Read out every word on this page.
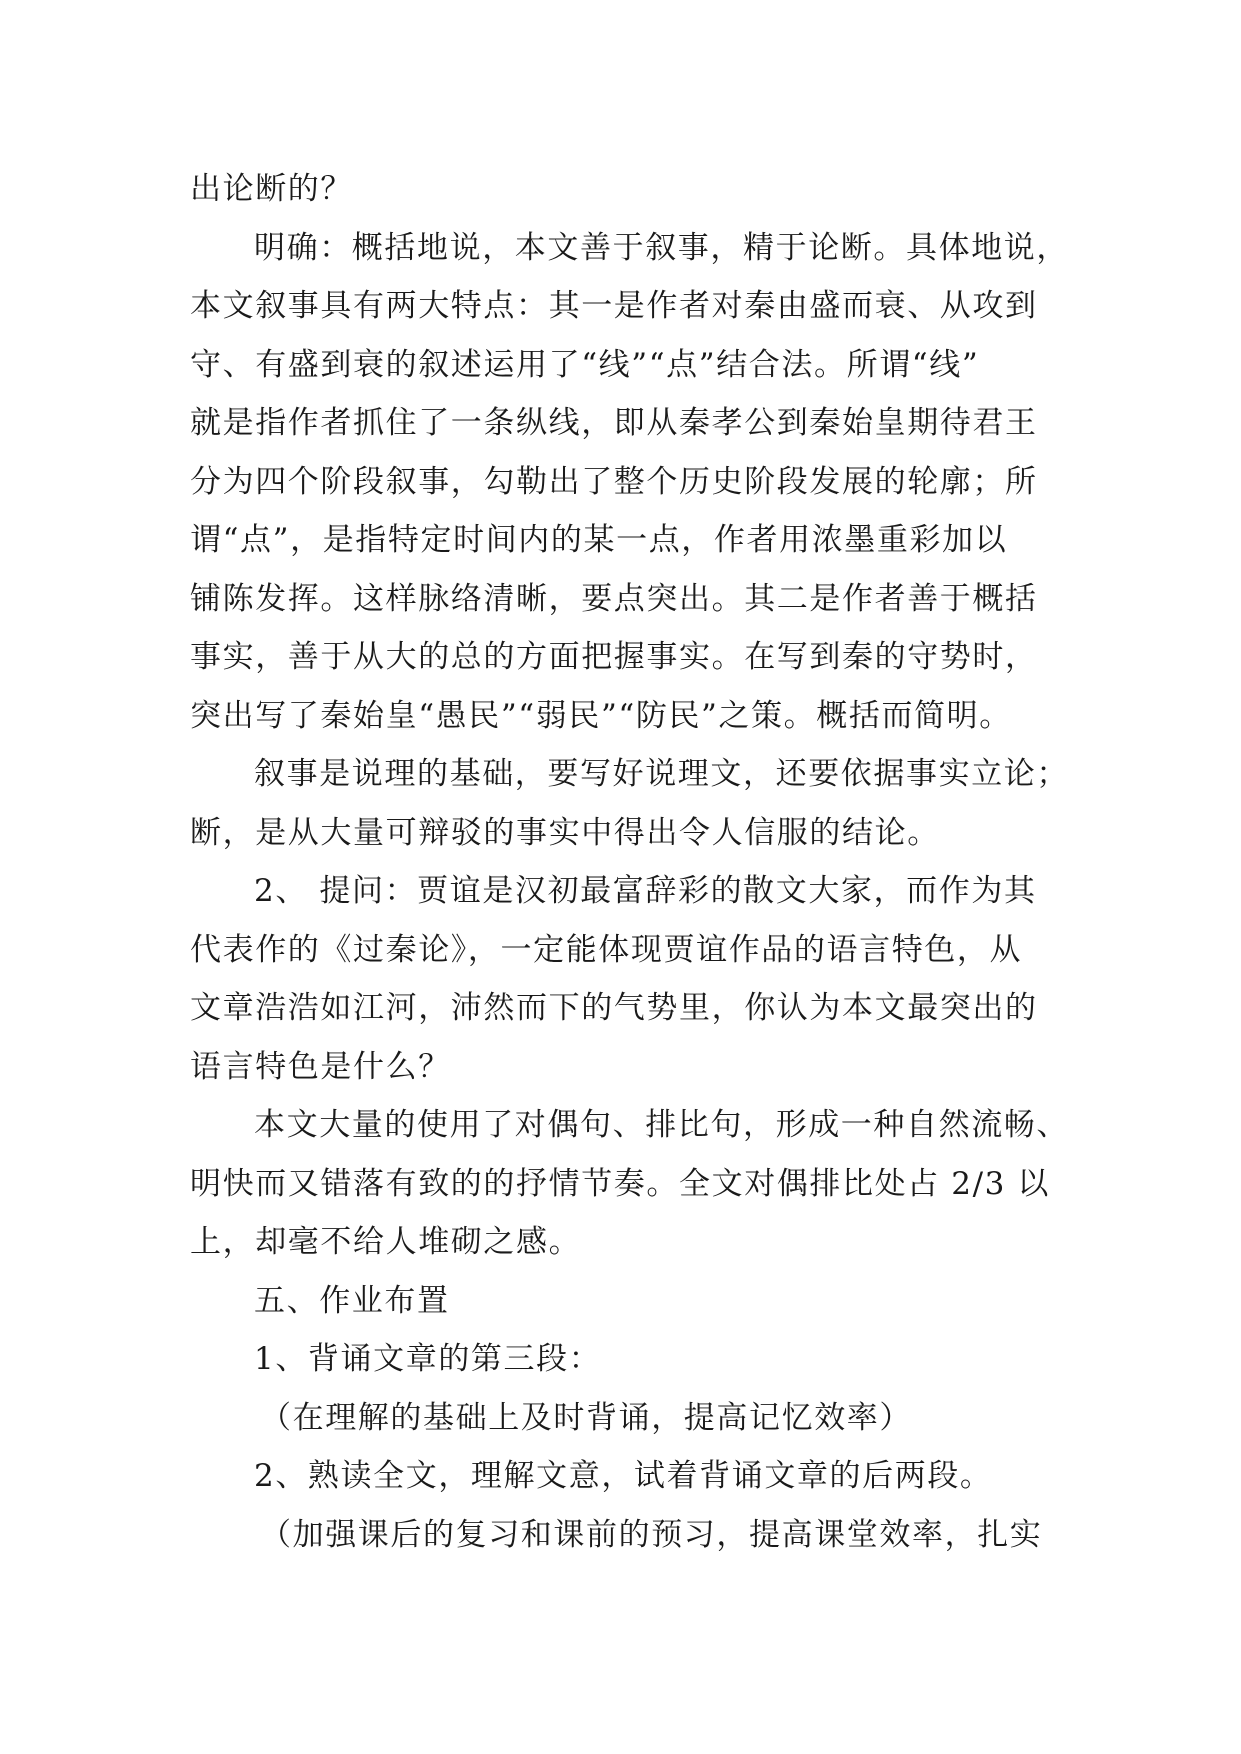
出论断的？
明确：概括地说，本文善于叙事，精于论断。具体地说，
本文叙事具有两大特点：其一是作者对秦由盛而衰、从攻到
守、有盛到衰的叙述运用了“线”“点”结合法。所谓“线”
就是指作者抓住了一条纵线，即从秦孝公到秦始皇期待君王
分为四个阶段叙事，勾勒出了整个历史阶段发展的轮廓；所
谓“点”，是指特定时间内的某一点，作者用浓墨重彩加以
铺陈发挥。这样脉络清晰，要点突出。其二是作者善于概括
事实，善于从大的总的方面把握事实。在写到秦的守势时，
突出写了秦始皇“愚民”“弱民”“防民”之策。概括而简明。
叙事是说理的基础，要写好说理文，还要依据事实立论；
断，是从大量可辩驳的事实中得出令人信服的结论。
2、 提问：贾谊是汉初最富辞彩的散文大家，而作为其
代表作的《过秦论》，一定能体现贾谊作品的语言特色，从
文章浩浩如江河，沛然而下的气势里，你认为本文最突出的
语言特色是什么？
本文大量的使用了对偶句、排比句，形成一种自然流畅、
明快而又错落有致的的抒情节奏。全文对偶排比处占 2/3 以
上，却毫不给人堆砌之感。
五、作业布置
1、背诵文章的第三段：
（在理解的基础上及时背诵，提高记忆效率）
2、熟读全文，理解文意，试着背诵文章的后两段。
（加强课后的复习和课前的预习，提高课堂效率，扎实
